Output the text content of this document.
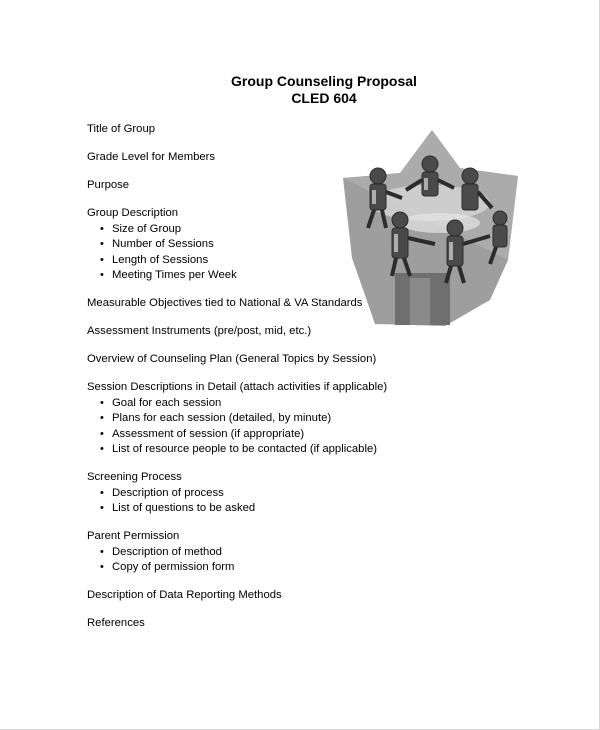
Group Counseling Proposal
CLED 604
Title of Group
Grade Level for Members
Purpose
Group Description
• Size of Group
• Number of Sessions
• Length of Sessions
• Meeting Times per Week
Measurable Objectives tied to National & VA Standards
Assessment Instruments (pre/post, mid, etc.)
Overview of Counseling Plan (General Topics by Session)
Session Descriptions in Detail (attach activities if applicable)
• Goal for each session
• Plans for each session (detailed, by minute)
• Assessment of session (if appropriate)
• List of resource people to be contacted (if applicable)
Screening Process
• Description of process
• List of questions to be asked
Parent Permission
• Description of method
• Copy of permission form
Description of Data Reporting Methods
References
